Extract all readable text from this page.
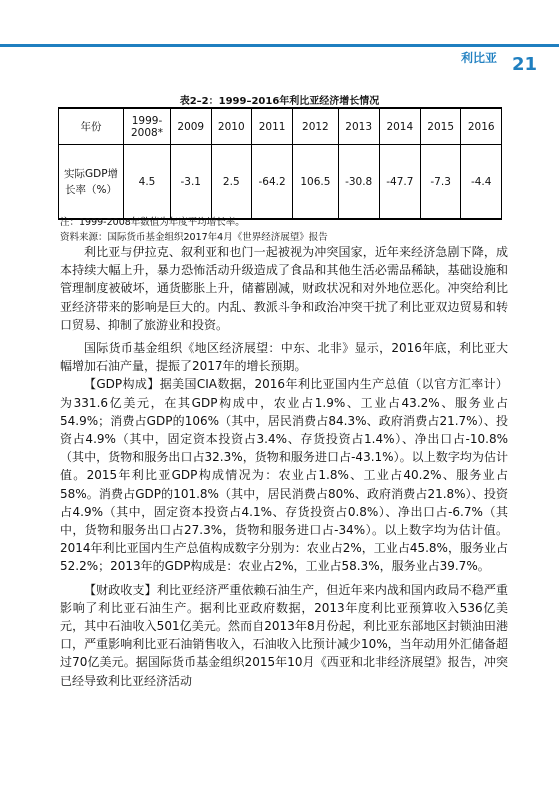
利比亚 21
表2–2：1999–2016年利比亚经济增长情况
年份	1999-2008*	2009	2010	2011	2012	2013	2014	2015	2016
实际GDP增长率（%）	4.5	-3.1	2.5	-64.2	106.5	-30.8	-47.7	-7.3	-4.4
注：1999-2008年数值为年度平均增长率。
资料来源：国际货币基金组织2017年4月《世界经济展望》报告

利比亚与伊拉克、叙利亚和也门一起被视为冲突国家，近年来经济急剧下降，成本持续大幅上升，暴力恐怖活动升级造成了食品和其他生活必需品稀缺，基础设施和管理制度被破坏，通货膨胀上升，储蓄剧减，财政状况和对外地位恶化。冲突给利比亚经济带来的影响是巨大的。内乱、教派斗争和政治冲突干扰了利比亚双边贸易和转口贸易、抑制了旅游业和投资。

国际货币基金组织《地区经济展望：中东、北非》显示，2016年底，利比亚大幅增加石油产量，提振了2017年的增长预期。

【GDP构成】据美国CIA数据，2016年利比亚国内生产总值（以官方汇率计）为331.6亿美元，在其GDP构成中，农业占1.9%、工业占43.2%、服务业占54.9%；消费占GDP的106%（其中，居民消费占84.3%、政府消费占21.7%）、投资占4.9%（其中，固定资本投资占3.4%、存货投资占1.4%）、净出口占-10.8%（其中，货物和服务出口占32.3%，货物和服务进口占-43.1%）。以上数字均为估计值。2015年利比亚GDP构成情况为：农业占1.8%、工业占40.2%、服务业占58%。消费占GDP的101.8%（其中，居民消费占80%、政府消费占21.8%）、投资占4.9%（其中，固定资本投资占4.1%、存货投资占0.8%）、净出口占-6.7%（其中，货物和服务出口占27.3%，货物和服务进口占-34%）。以上数字均为估计值。2014年利比亚国内生产总值构成数字分别为：农业占2%，工业占45.8%，服务业占52.2%；2013年的GDP构成是：农业占2%，工业占58.3%，服务业占39.7%。

【财政收支】利比亚经济严重依赖石油生产，但近年来内战和国内政局不稳严重影响了利比亚石油生产。据利比亚政府数据，2013年度利比亚预算收入536亿美元，其中石油收入501亿美元。然而自2013年8月份起，利比亚东部地区封锁油田港口，严重影响利比亚石油销售收入，石油收入比预计减少10%，当年动用外汇储备超过70亿美元。据国际货币基金组织2015年10月《西亚和北非经济展望》报告，冲突已经导致利比亚经济活动
